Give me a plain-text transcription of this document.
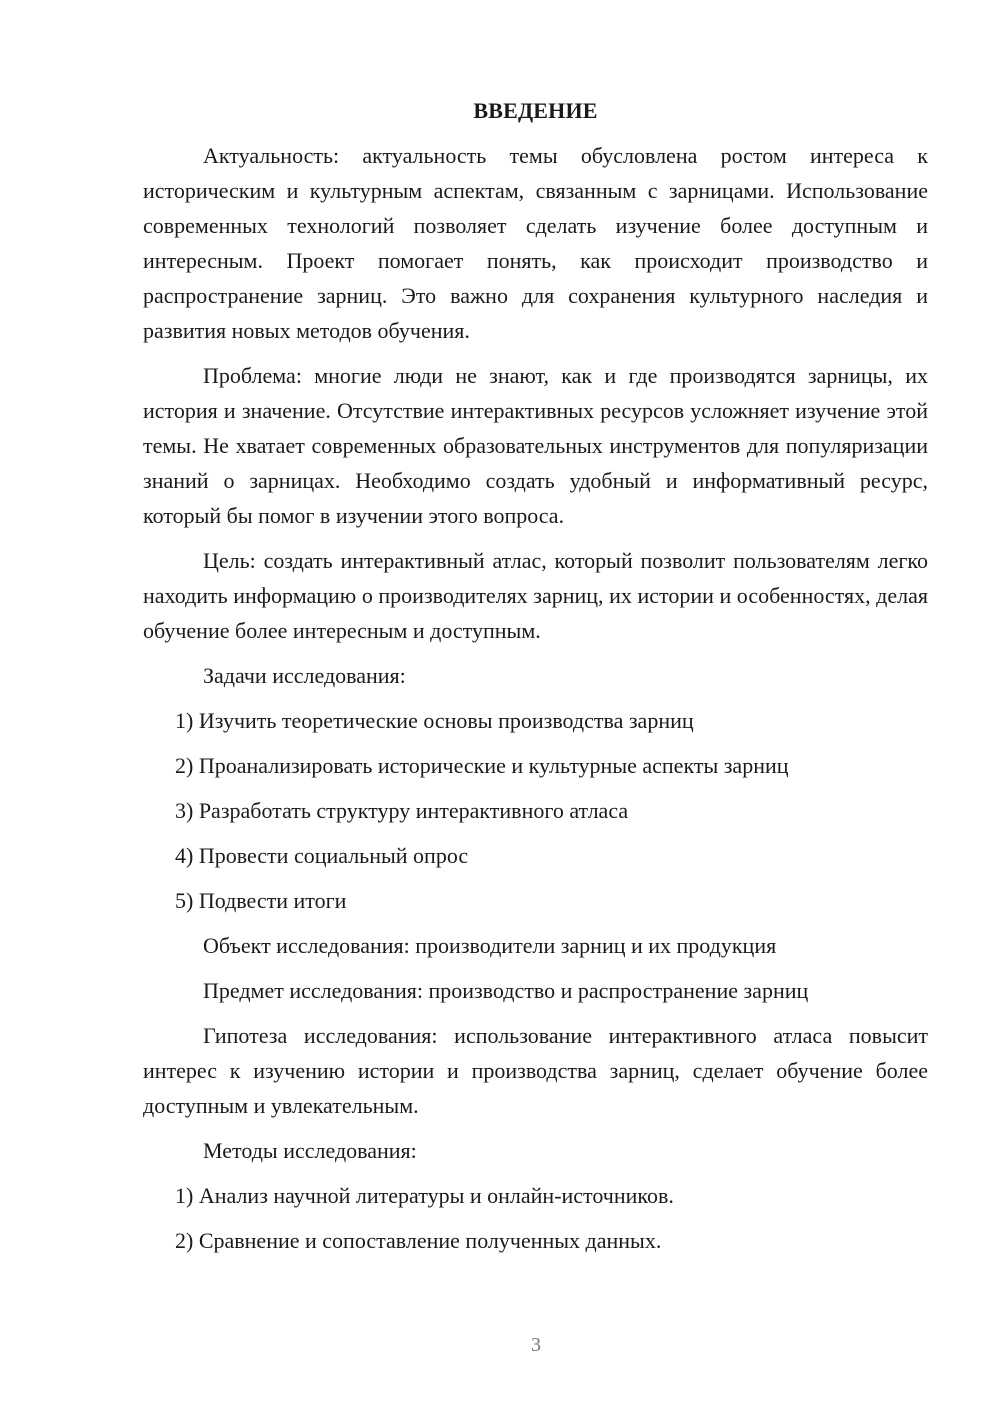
ВВЕДЕНИЕ

Актуальность: актуальность темы обусловлена ростом интереса к историческим и культурным аспектам, связанным с зарницами. Использование современных технологий позволяет сделать изучение более доступным и интересным. Проект помогает понять, как происходит производство и распространение зарниц. Это важно для сохранения культурного наследия и развития новых методов обучения.

Проблема: многие люди не знают, как и где производятся зарницы, их история и значение. Отсутствие интерактивных ресурсов усложняет изучение этой темы. Не хватает современных образовательных инструментов для популяризации знаний о зарницах. Необходимо создать удобный и информативный ресурс, который бы помог в изучении этого вопроса.

Цель: создать интерактивный атлас, который позволит пользователям легко находить информацию о производителях зарниц, их истории и особенностях, делая обучение более интересным и доступным.

Задачи исследования:

1) Изучить теоретические основы производства зарниц

2) Проанализировать исторические и культурные аспекты зарниц

3) Разработать структуру интерактивного атласа

4) Провести социальный опрос

5) Подвести итоги

Объект исследования: производители зарниц и их продукция

Предмет исследования: производство и распространение зарниц

Гипотеза исследования: использование интерактивного атласа повысит интерес к изучению истории и производства зарниц, сделает обучение более доступным и увлекательным.

Методы исследования:

1) Анализ научной литературы и онлайн-источников.

2) Сравнение и сопоставление полученных данных.

3
